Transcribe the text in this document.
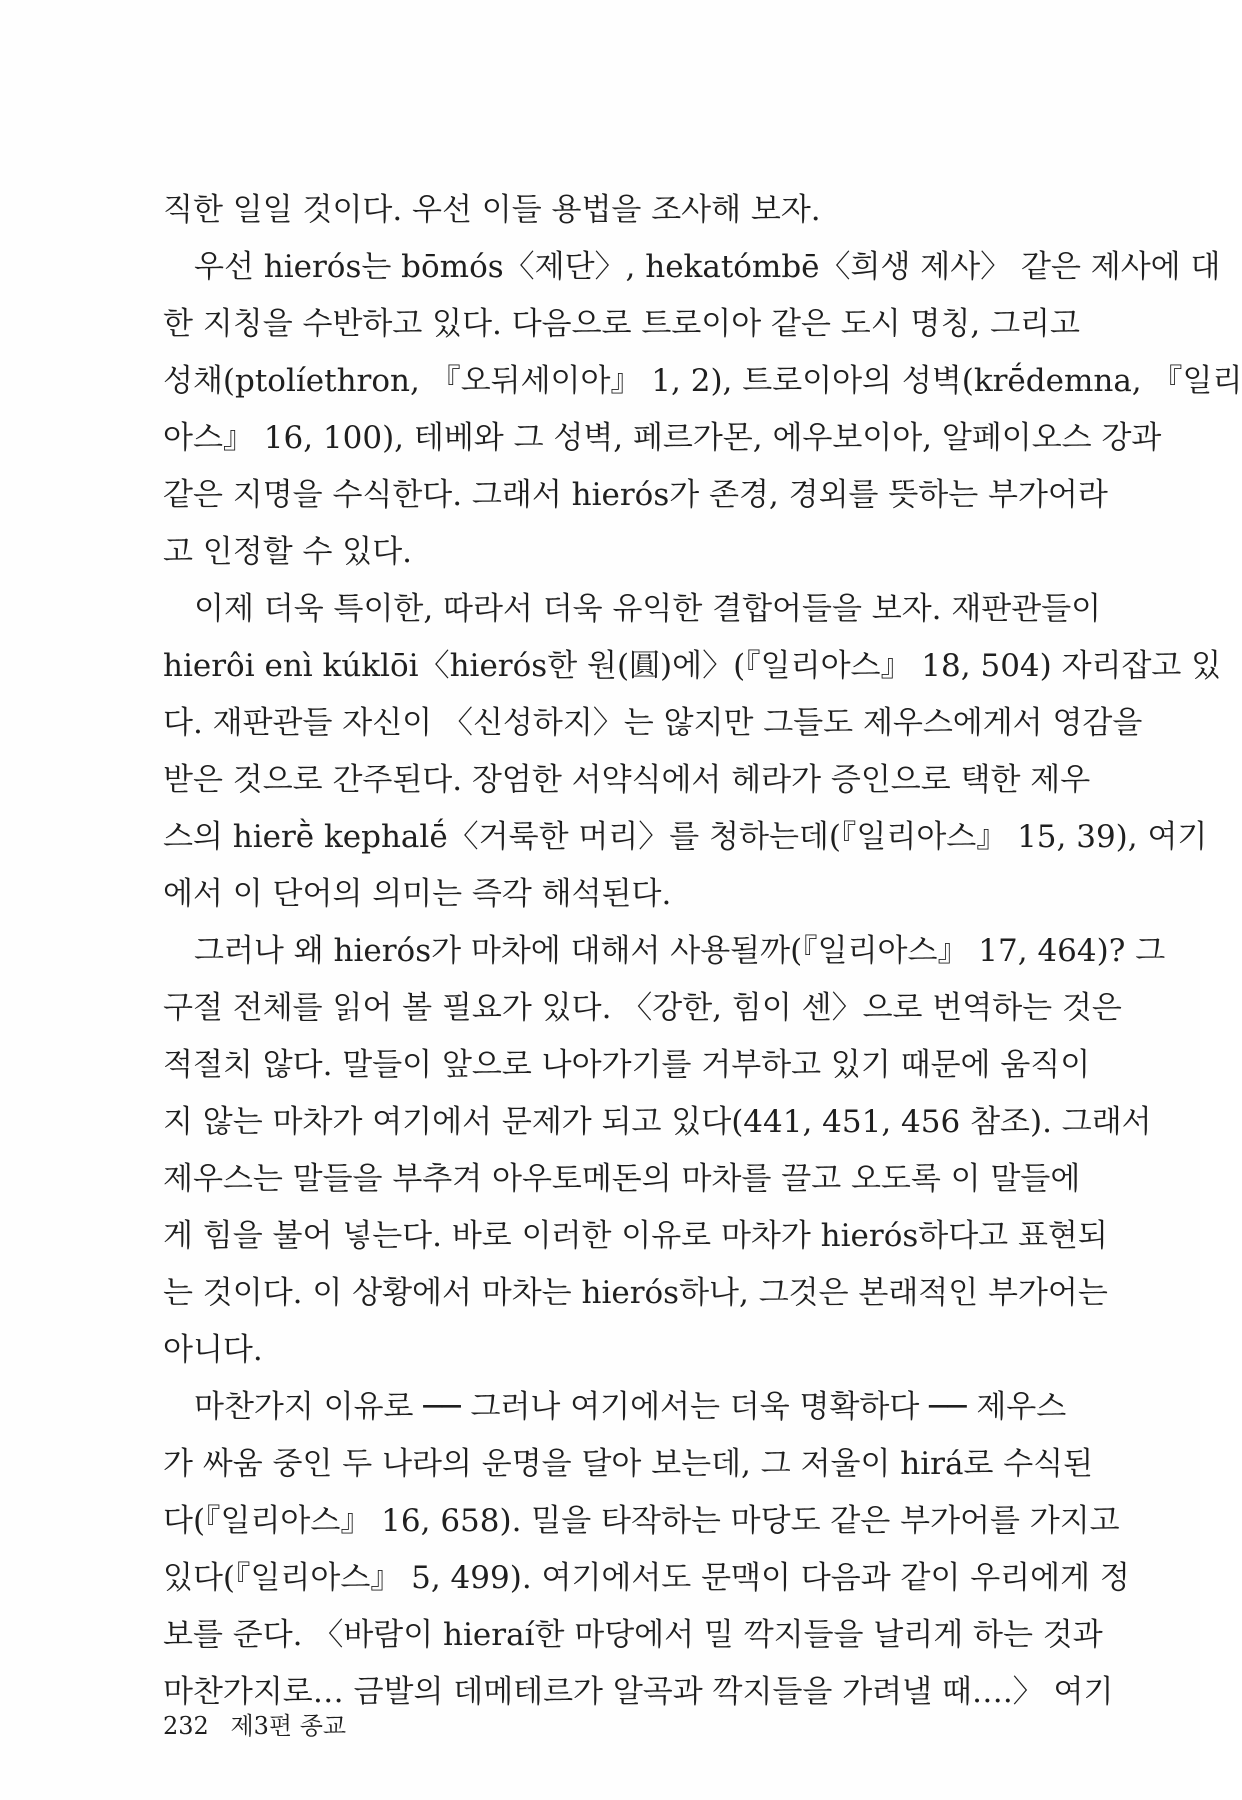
직한 일일 것이다. 우선 이들 용법을 조사해 보자.
우선 hierós는 bōmós〈제단〉, hekatómbē〈희생 제사〉 같은 제사에 대
한 지칭을 수반하고 있다. 다음으로 트로이아 같은 도시 명칭, 그리고
성채(ptolíethron, 『오뒤세이아』 1, 2), 트로이아의 성벽(krḗdemna, 『일리
아스』 16, 100), 테베와 그 성벽, 페르가몬, 에우보이아, 알페이오스 강과
같은 지명을 수식한다. 그래서 hierós가 존경, 경외를 뜻하는 부가어라
고 인정할 수 있다.
이제 더욱 특이한, 따라서 더욱 유익한 결합어들을 보자. 재판관들이
hierôi enì kúklōi〈hierós한 원(圓)에〉(『일리아스』 18, 504) 자리잡고 있
다. 재판관들 자신이 〈신성하지〉는 않지만 그들도 제우스에게서 영감을
받은 것으로 간주된다. 장엄한 서약식에서 헤라가 증인으로 택한 제우
스의 hierḕ kephalḗ〈거룩한 머리〉를 청하는데(『일리아스』 15, 39), 여기
에서 이 단어의 의미는 즉각 해석된다.
그러나 왜 hierós가 마차에 대해서 사용될까(『일리아스』 17, 464)? 그
구절 전체를 읽어 볼 필요가 있다. 〈강한, 힘이 센〉으로 번역하는 것은
적절치 않다. 말들이 앞으로 나아가기를 거부하고 있기 때문에 움직이
지 않는 마차가 여기에서 문제가 되고 있다(441, 451, 456 참조). 그래서
제우스는 말들을 부추겨 아우토메돈의 마차를 끌고 오도록 이 말들에
게 힘을 불어 넣는다. 바로 이러한 이유로 마차가 hierós하다고 표현되
는 것이다. 이 상황에서 마차는 hierós하나, 그것은 본래적인 부가어는
아니다.
마찬가지 이유로 ── 그러나 여기에서는 더욱 명확하다 ── 제우스
가 싸움 중인 두 나라의 운명을 달아 보는데, 그 저울이 hirá로 수식된
다(『일리아스』 16, 658). 밀을 타작하는 마당도 같은 부가어를 가지고
있다(『일리아스』 5, 499). 여기에서도 문맥이 다음과 같이 우리에게 정
보를 준다. 〈바람이 hieraí한 마당에서 밀 깍지들을 날리게 하는 것과
마찬가지로… 금발의 데메테르가 알곡과 깍지들을 가려낼 때….〉 여기
232 제3편 종교
